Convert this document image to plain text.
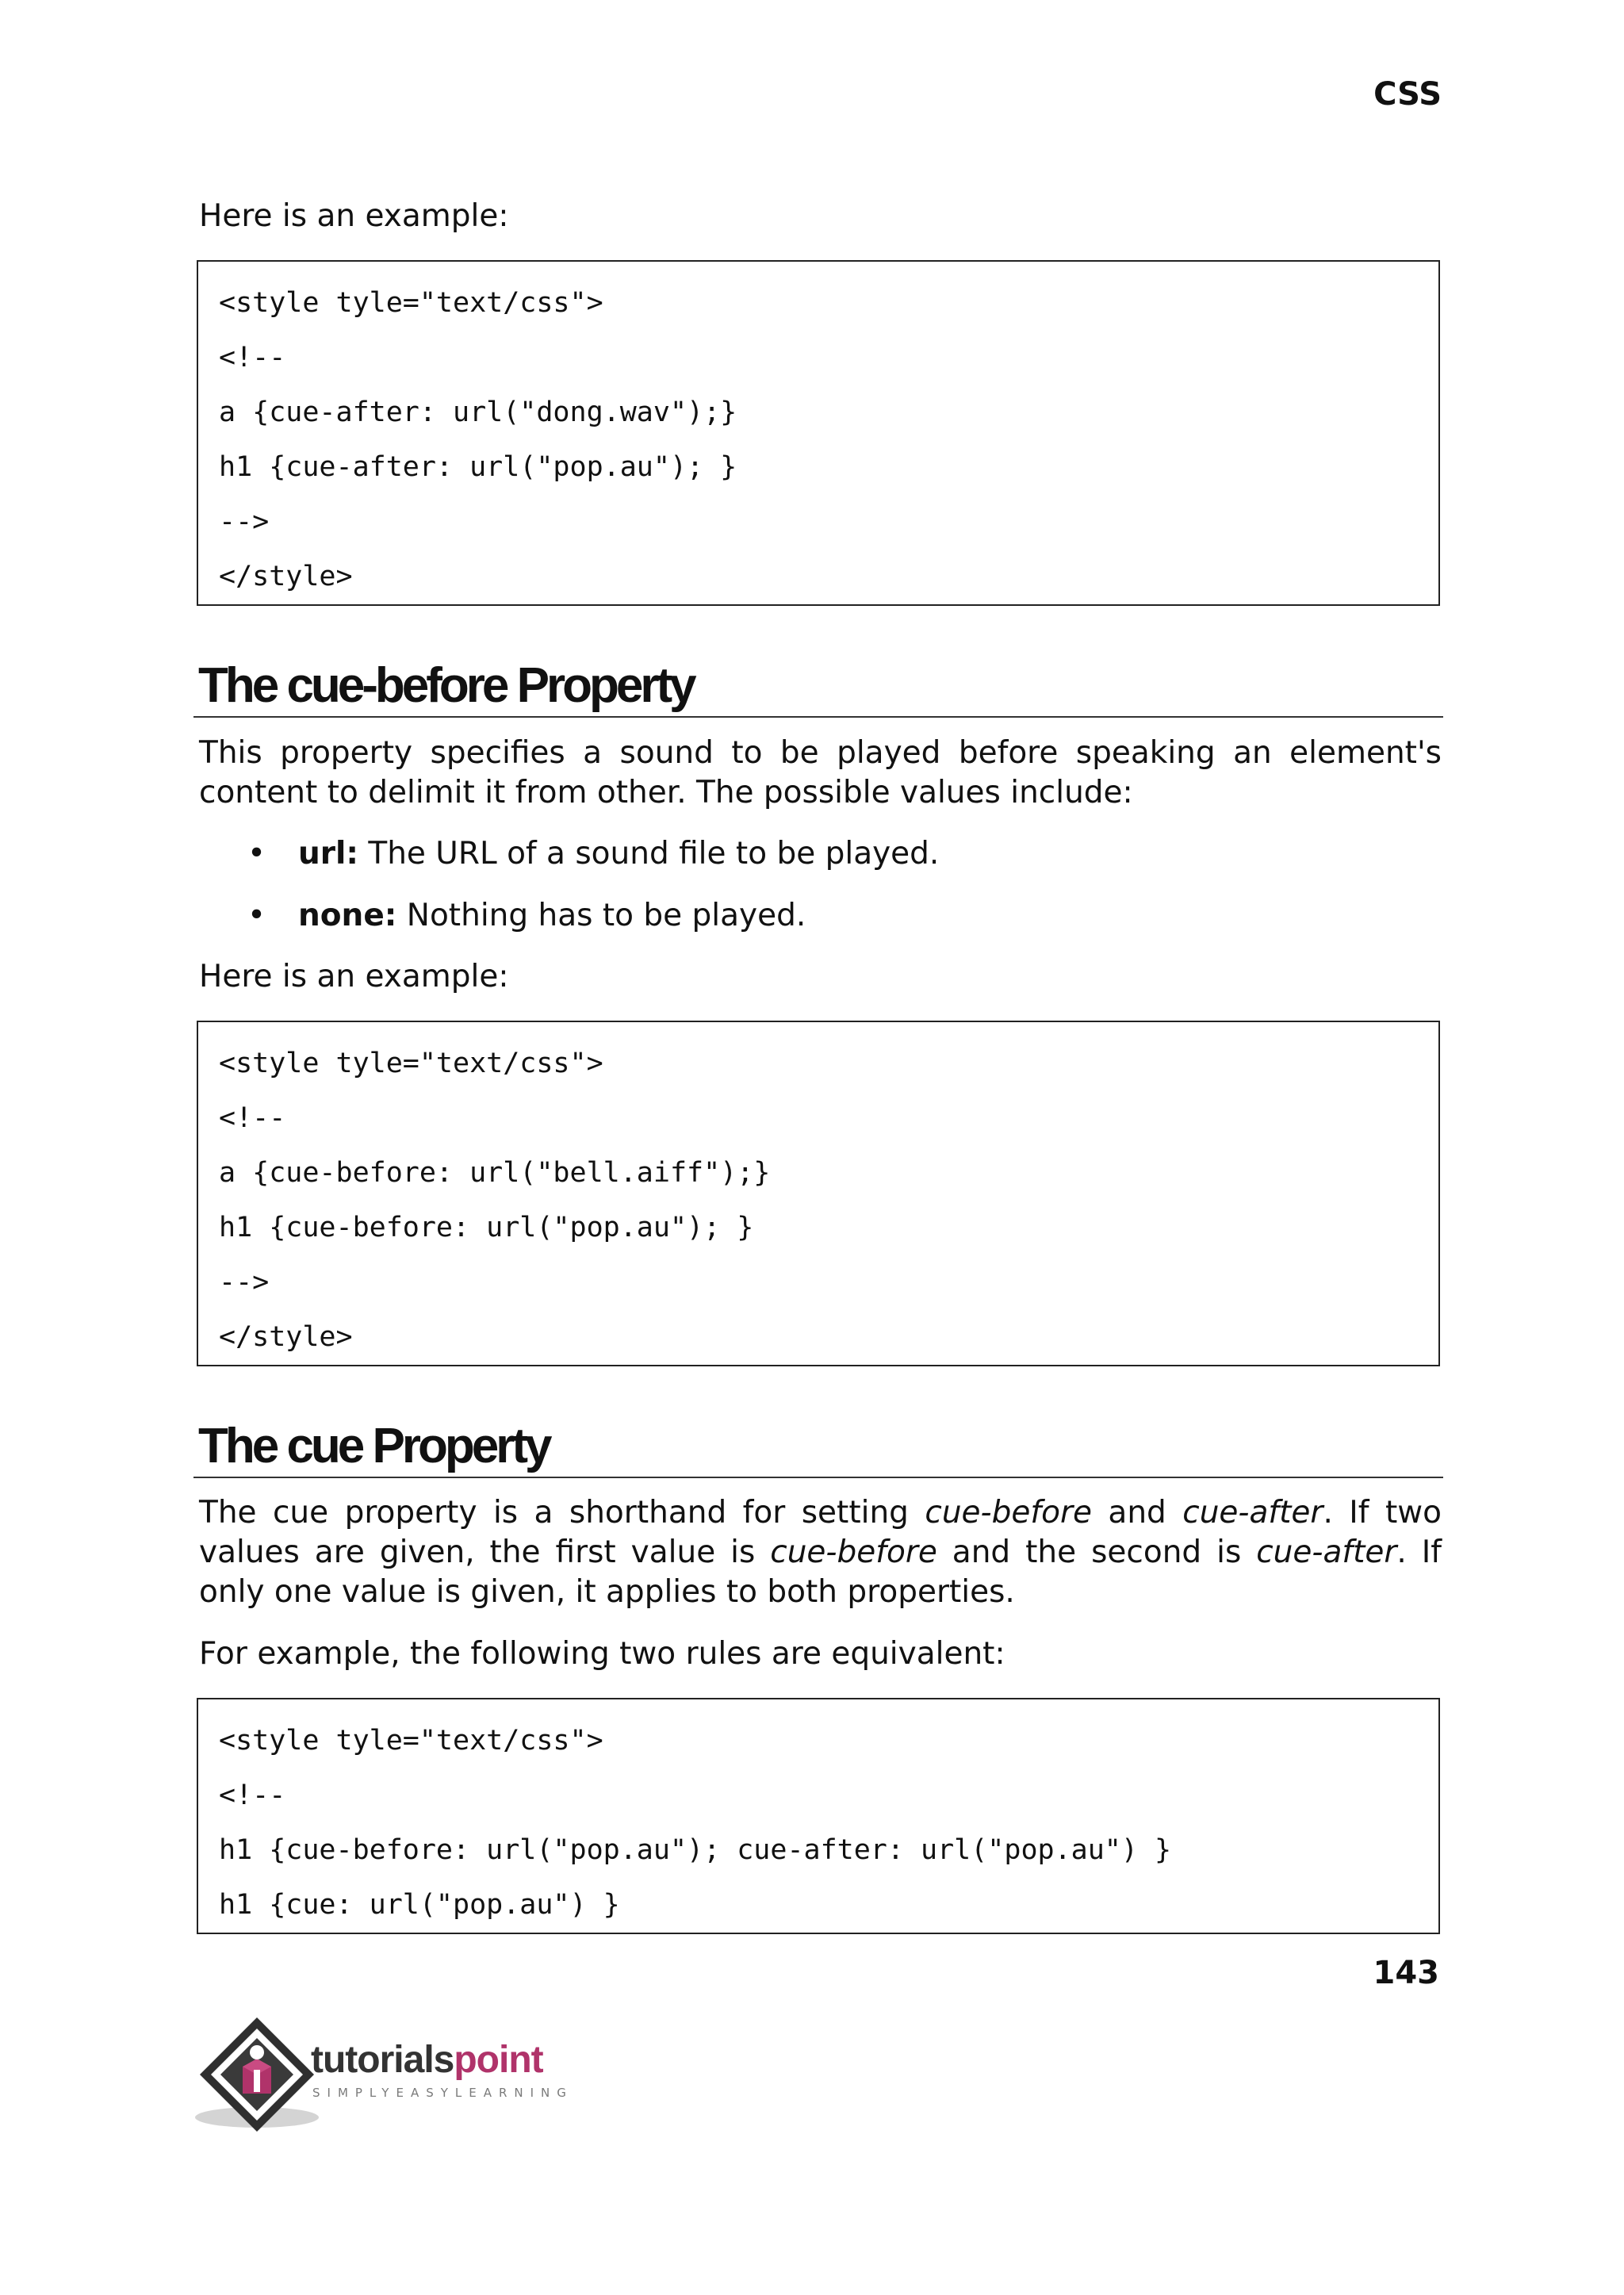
CSS

Here is an example:

<style tyle="text/css">
<!--
a {cue-after: url("dong.wav");}
h1 {cue-after: url("pop.au"); }
-->
</style>
The cue-before Property

This property specifies a sound to be played before speaking an element's content to delimit it from other. The possible values include:

• url: The URL of a sound file to be played.
• none: Nothing has to be played.

Here is an example:

<style tyle="text/css">
<!--
a {cue-before: url("bell.aiff");}
h1 {cue-before: url("pop.au"); }
-->
</style>
The cue Property

The cue property is a shorthand for setting cue-before and cue-after. If two values are given, the first value is cue-before and the second is cue-after. If only one value is given, it applies to both properties.

For example, the following two rules are equivalent:

<style tyle="text/css">
<!--
h1 {cue-before: url("pop.au"); cue-after: url("pop.au") }
h1 {cue: url("pop.au") }
143
tutorialspoint
SIMPLYEASYLEARNING
